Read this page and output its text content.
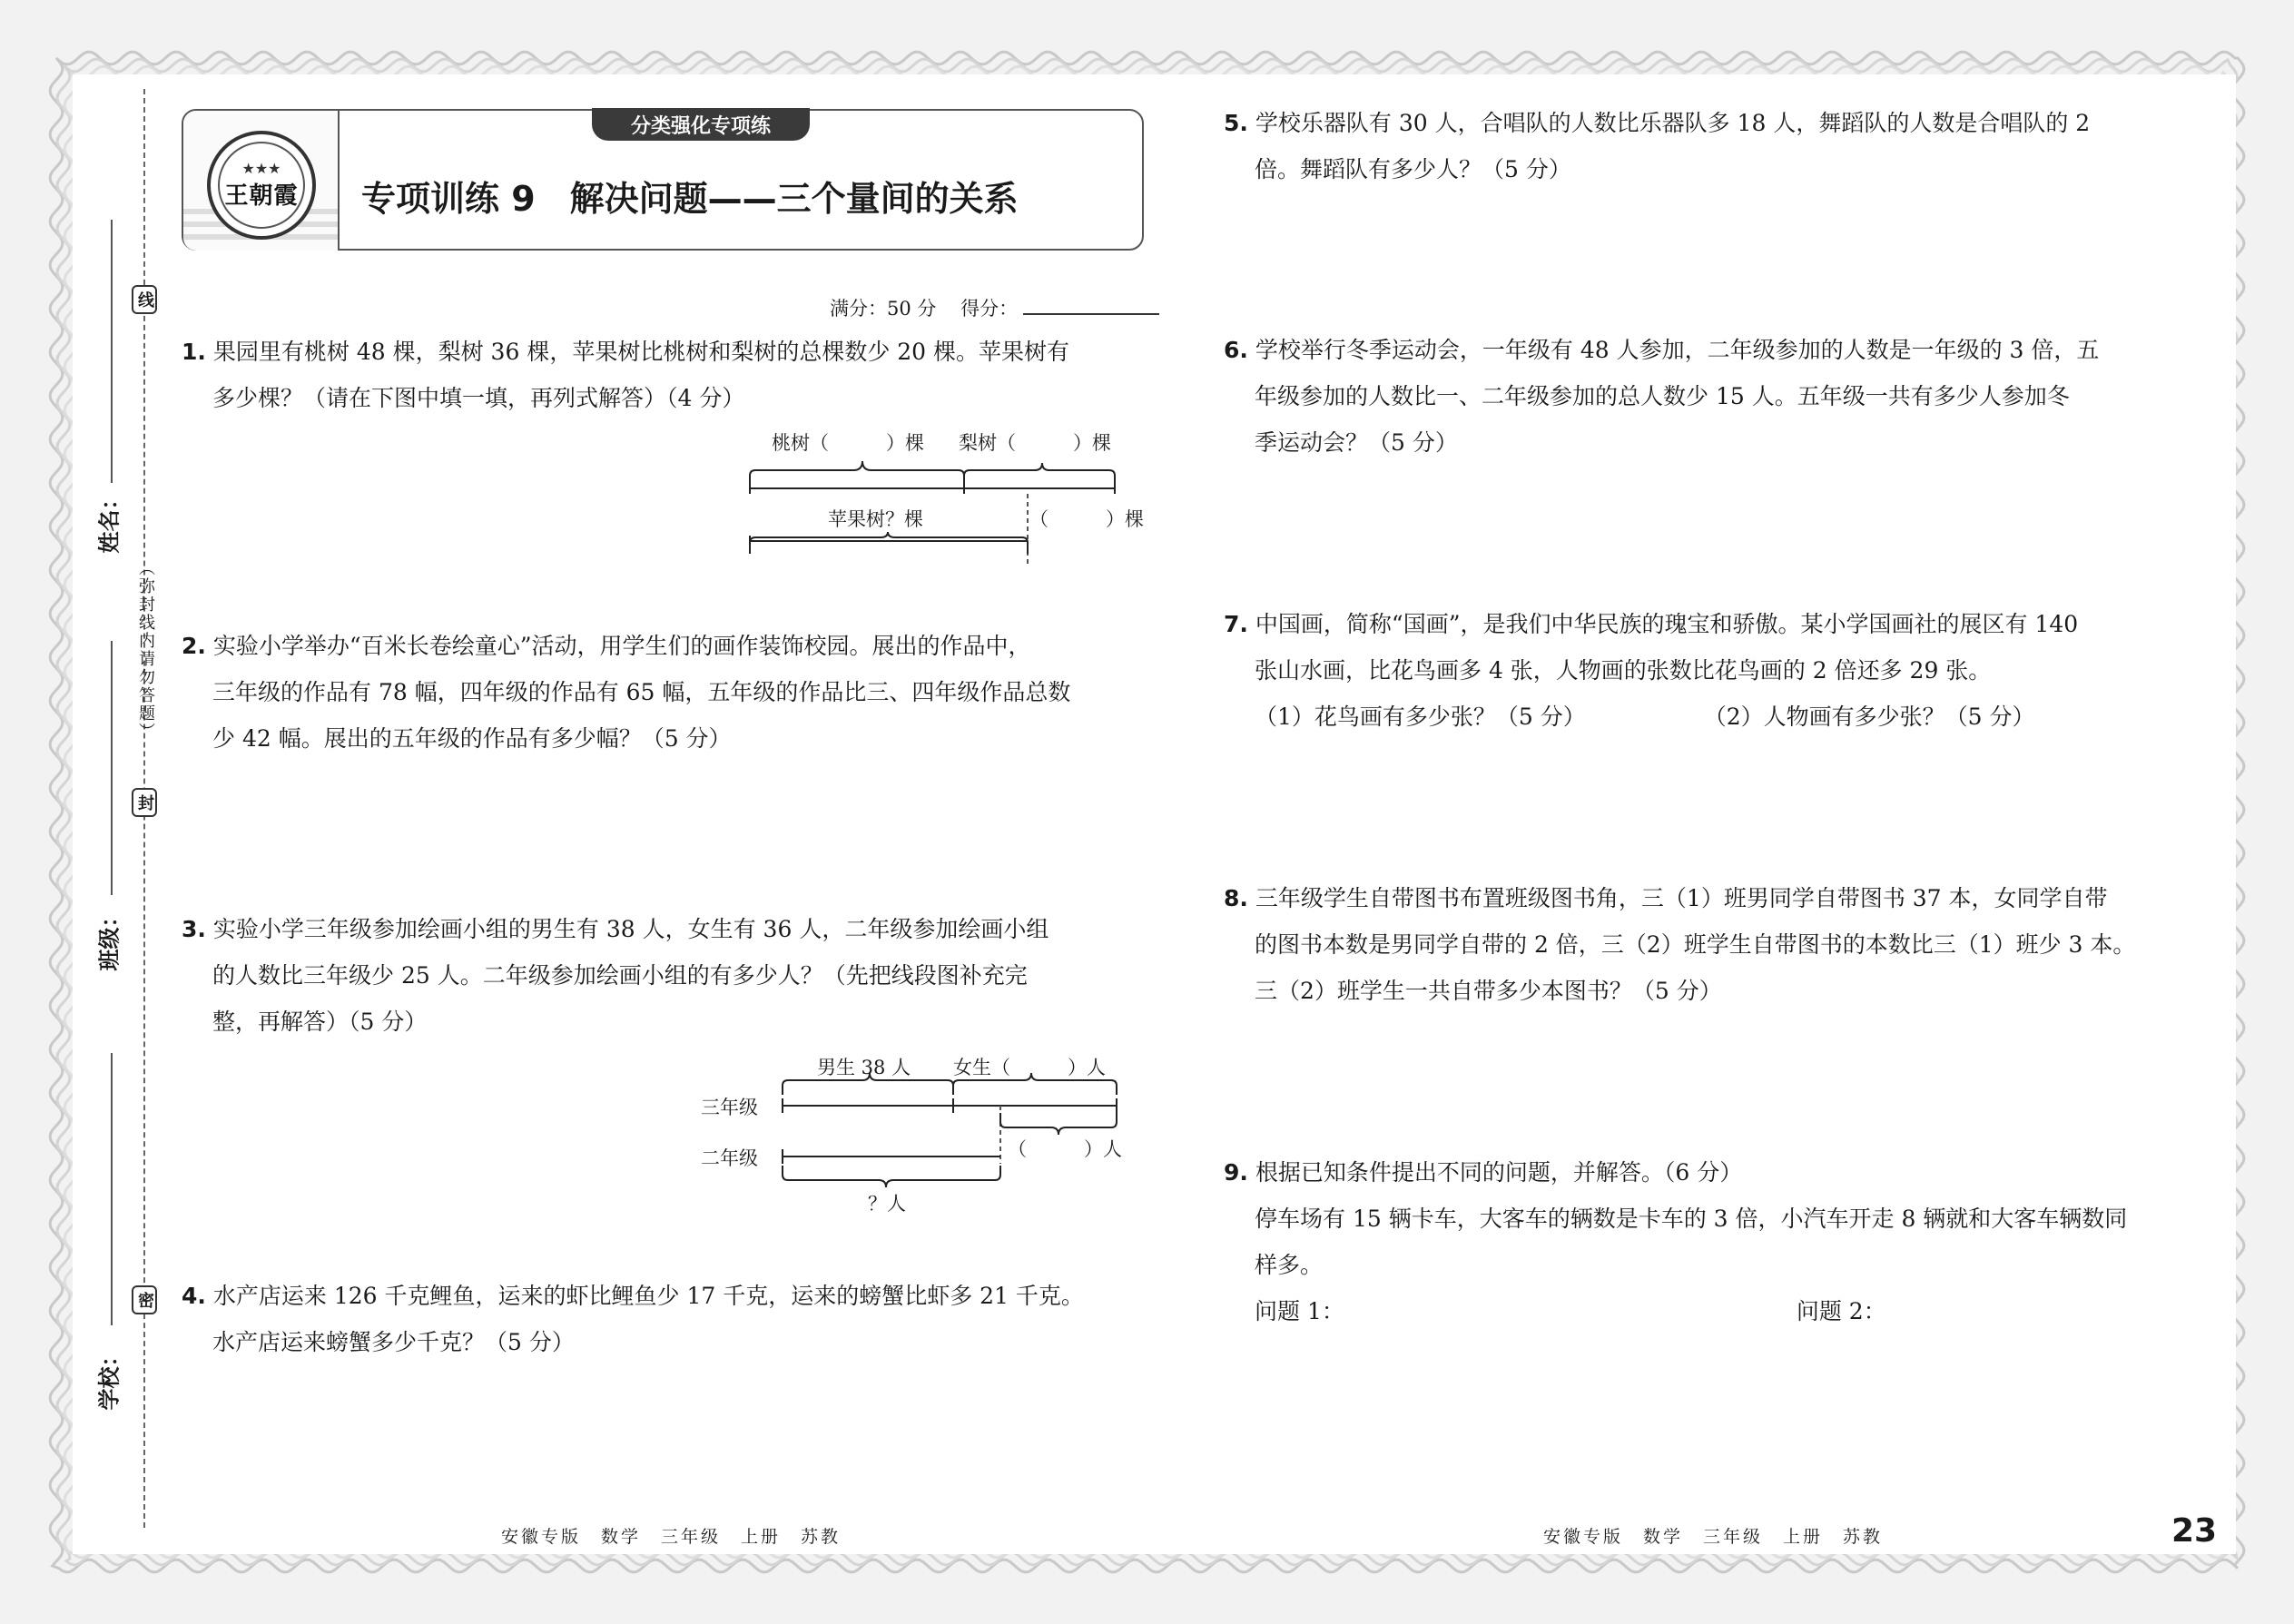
线
（弥封线内请勿答题）
封
密
姓名：
班级：
学校：
★★★
王朝霞
分类强化专项练
专项训练 9　解决问题——三个量间的关系
满分：50 分 得分：
1. 果园里有桃树 48 棵，梨树 36 棵，苹果树比桃树和梨树的总棵数少 20 棵。苹果树有
多少棵？（请在下图中填一填，再列式解答）（4 分）
桃树（　　　）棵 梨树（　　　）棵
苹果树？棵	（　　　）棵
2. 实验小学举办“百米长卷绘童心”活动，用学生们的画作装饰校园。展出的作品中，
三年级的作品有 78 幅，四年级的作品有 65 幅，五年级的作品比三、四年级作品总数
少 42 幅。展出的五年级的作品有多少幅？（5 分）
3. 实验小学三年级参加绘画小组的男生有 38 人，女生有 36 人，二年级参加绘画小组
的人数比三年级少 25 人。二年级参加绘画小组的有多少人？（先把线段图补充完
整，再解答）（5 分）
男生 38 人 女生（　　　）人
三年级
二年级	（　　　）人
？人
4. 水产店运来 126 千克鲤鱼，运来的虾比鲤鱼少 17 千克，运来的螃蟹比虾多 21 千克。
水产店运来螃蟹多少千克？（5 分）
5. 学校乐器队有 30 人，合唱队的人数比乐器队多 18 人，舞蹈队的人数是合唱队的 2
倍。舞蹈队有多少人？（5 分）
6. 学校举行冬季运动会，一年级有 48 人参加，二年级参加的人数是一年级的 3 倍，五
年级参加的人数比一、二年级参加的总人数少 15 人。五年级一共有多少人参加冬
季运动会？（5 分）
7. 中国画，简称“国画”，是我们中华民族的瑰宝和骄傲。某小学国画社的展区有 140
张山水画，比花鸟画多 4 张，人物画的张数比花鸟画的 2 倍还多 29 张。
（1）花鸟画有多少张？（5 分）	（2）人物画有多少张？（5 分）
8. 三年级学生自带图书布置班级图书角，三（1）班男同学自带图书 37 本，女同学自带
的图书本数是男同学自带的 2 倍，三（2）班学生自带图书的本数比三（1）班少 3 本。
三（2）班学生一共自带多少本图书？（5 分）
9. 根据已知条件提出不同的问题，并解答。（6 分）
停车场有 15 辆卡车，大客车的辆数是卡车的 3 倍，小汽车开走 8 辆就和大客车辆数同
样多。
问题 1：	问题 2：
安徽专版　数学　三年级　上册　苏教	安徽专版　数学　三年级　上册　苏教	23
